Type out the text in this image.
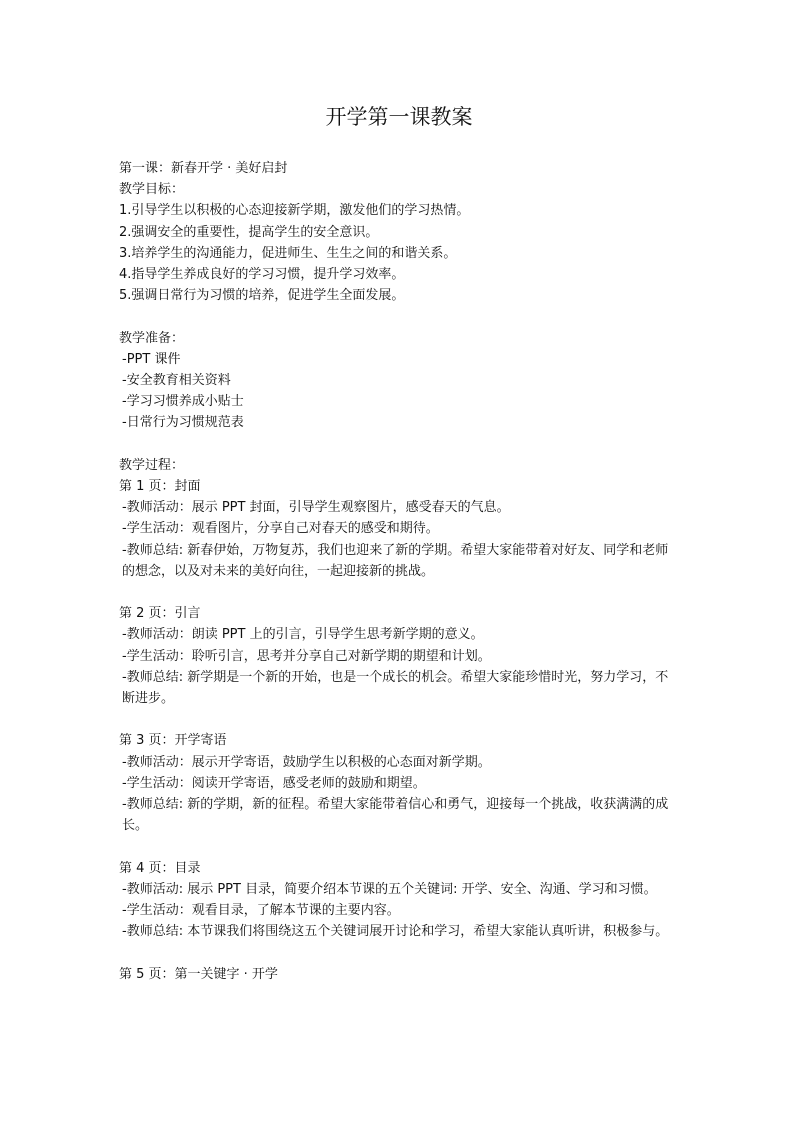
开学第一课教案
第一课：新春开学 · 美好启封
教学目标：
1.引导学生以积极的心态迎接新学期，激发他们的学习热情。
2.强调安全的重要性，提高学生的安全意识。
3.培养学生的沟通能力，促进师生、生生之间的和谐关系。
4.指导学生养成良好的学习习惯，提升学习效率。
5.强调日常行为习惯的培养，促进学生全面发展。
教学准备：
-PPT 课件
-安全教育相关资料
-学习习惯养成小贴士
-日常行为习惯规范表
教学过程：
第 1 页：封面
-教师活动：展示 PPT 封面，引导学生观察图片，感受春天的气息。
-学生活动：观看图片，分享自己对春天的感受和期待。
-教师总结: 新春伊始，万物复苏，我们也迎来了新的学期。希望大家能带着对好友、同学和老师的想念，以及对未来的美好向往，一起迎接新的挑战。
第 2 页：引言
-教师活动：朗读 PPT 上的引言，引导学生思考新学期的意义。
-学生活动：聆听引言，思考并分享自己对新学期的期望和计划。
-教师总结: 新学期是一个新的开始，也是一个成长的机会。希望大家能珍惜时光，努力学习，不断进步。
第 3 页：开学寄语
-教师活动：展示开学寄语，鼓励学生以积极的心态面对新学期。
-学生活动：阅读开学寄语，感受老师的鼓励和期望。
-教师总结: 新的学期，新的征程。希望大家能带着信心和勇气，迎接每一个挑战，收获满满的成长。
第 4 页：目录
-教师活动: 展示 PPT 目录，简要介绍本节课的五个关键词: 开学、安全、沟通、学习和习惯。
-学生活动：观看目录，了解本节课的主要内容。
-教师总结: 本节课我们将围绕这五个关键词展开讨论和学习，希望大家能认真听讲，积极参与。
第 5 页：第一关键字 · 开学
